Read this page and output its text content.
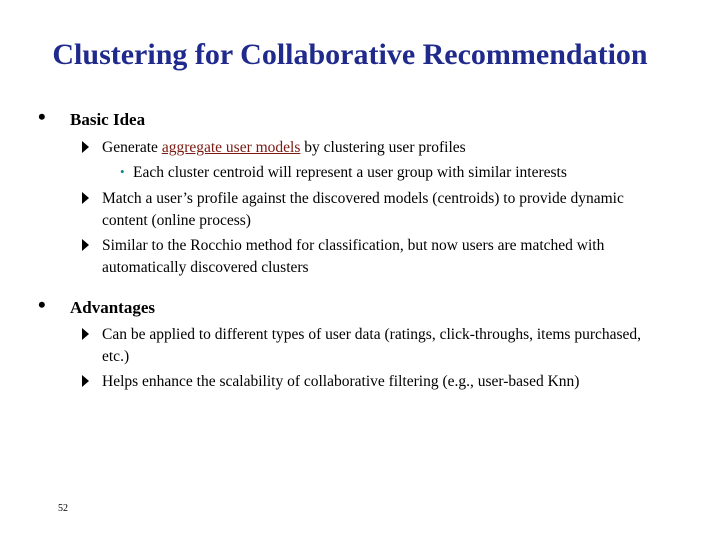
Clustering for Collaborative Recommendation
• Basic Idea
Generate aggregate user models by clustering user profiles
• Each cluster centroid will represent a user group with similar interests
Match a user’s profile against the discovered models (centroids) to provide dynamic content (online process)
Similar to the Rocchio method for classification, but now users are matched with automatically discovered clusters
• Advantages
Can be applied to different types of user data (ratings, click-throughs, items purchased, etc.)
Helps enhance the scalability of collaborative filtering (e.g., user-based Knn)
52
